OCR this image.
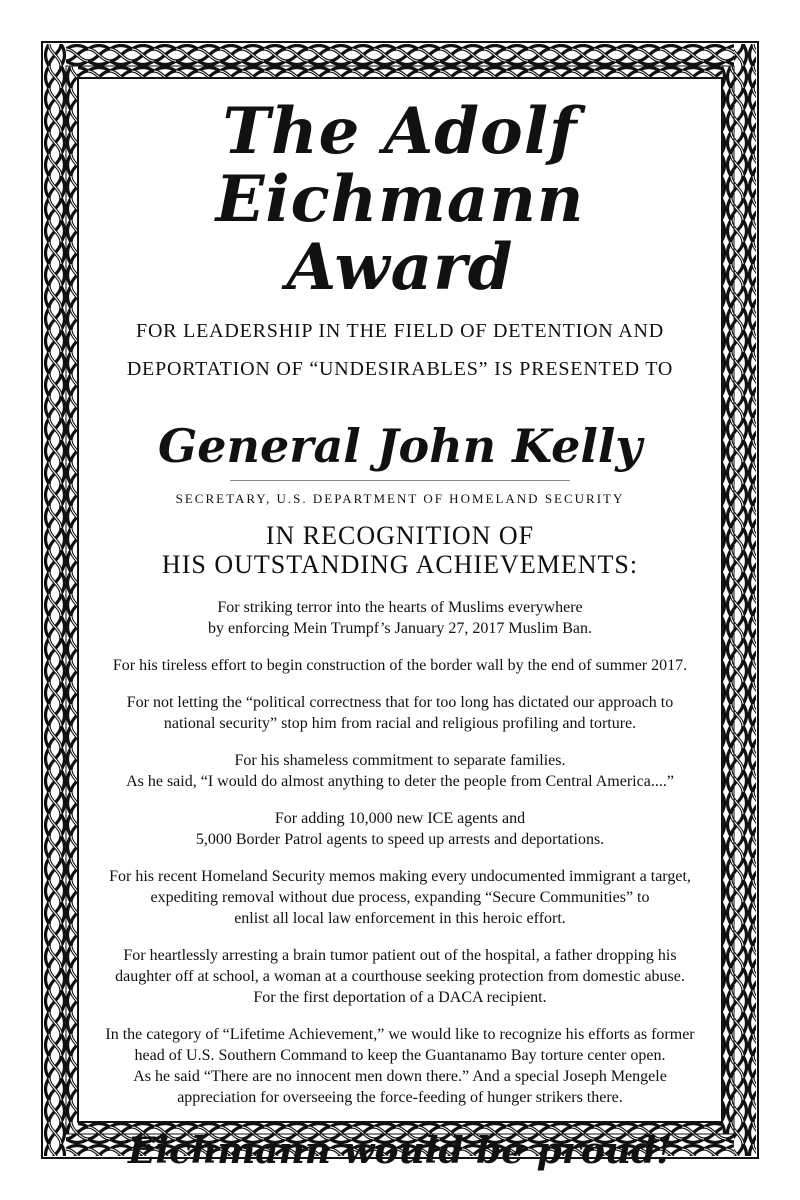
The Adolf
Eichmann Award
FOR LEADERSHIP IN THE FIELD OF DETENTION AND
DEPORTATION OF “UNDESIRABLES” IS PRESENTED TO
General John Kelly
SECRETARY, U.S. DEPARTMENT OF HOMELAND SECURITY
IN RECOGNITION OF
HIS OUTSTANDING ACHIEVEMENTS:

For striking terror into the hearts of Muslims everywhere
by enforcing Mein Trumpf’s January 27, 2017 Muslim Ban.

For his tireless effort to begin construction of the border wall by the end of summer 2017.

For not letting the “political correctness that for too long has dictated our approach to
national security” stop him from racial and religious profiling and torture.

For his shameless commitment to separate families.
As he said, “I would do almost anything to deter the people from Central America....”

For adding 10,000 new ICE agents and
5,000 Border Patrol agents to speed up arrests and deportations.

For his recent Homeland Security memos making every undocumented immigrant a target,
expediting removal without due process, expanding “Secure Communities” to
enlist all local law enforcement in this heroic effort.

For heartlessly arresting a brain tumor patient out of the hospital, a father dropping his
daughter off at school, a woman at a courthouse seeking protection from domestic abuse.
For the first deportation of a DACA recipient.

In the category of “Lifetime Achievement,” we would like to recognize his efforts as former
head of U.S. Southern Command to keep the Guantanamo Bay torture center open.
As he said “There are no innocent men down there.” And a special Joseph Mengele
appreciation for overseeing the force-feeding of hunger strikers there.

Eichmann would be proud!
